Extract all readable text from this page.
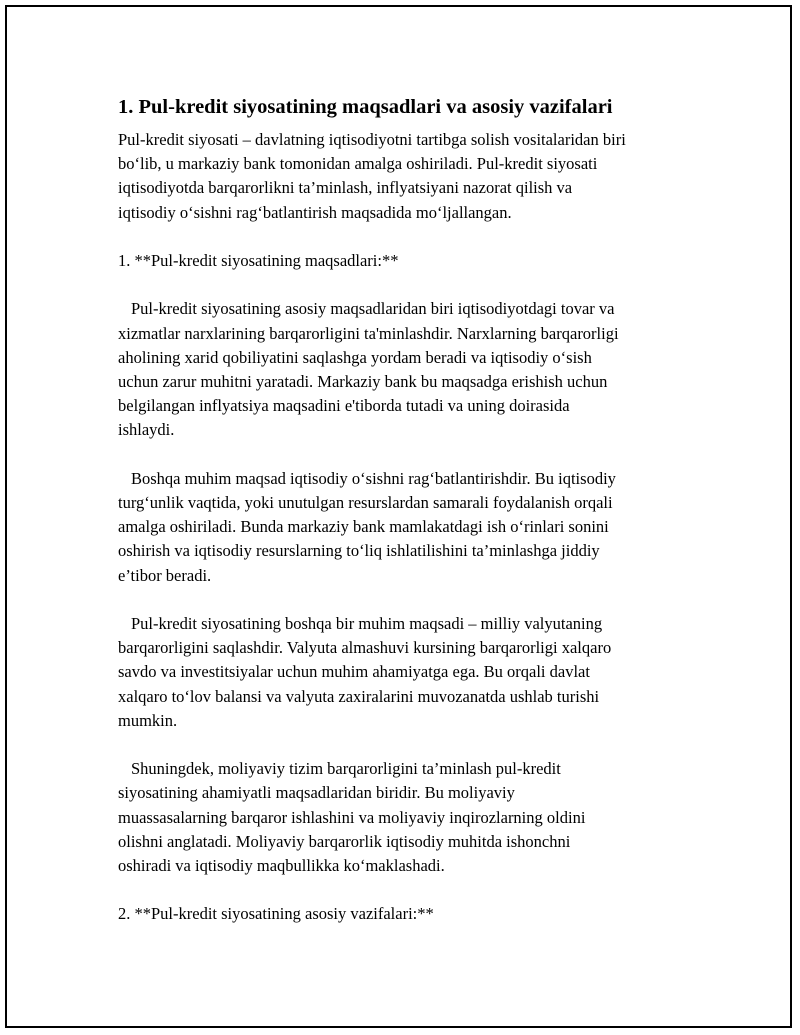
1. Pul-kredit siyosatining maqsadlari va asosiy vazifalari

Pul-kredit siyosati – davlatning iqtisodiyotni tartibga solish vositalaridan biri
bo‘lib, u markaziy bank tomonidan amalga oshiriladi. Pul-kredit siyosati
iqtisodiyotda barqarorlikni ta’minlash, inflyatsiyani nazorat qilish va
iqtisodiy o‘sishni rag‘batlantirish maqsadida mo‘ljallangan.

1. **Pul-kredit siyosatining maqsadlari:**

Pul-kredit siyosatining asosiy maqsadlaridan biri iqtisodiyotdagi tovar va
xizmatlar narxlarining barqarorligini ta'minlashdir. Narxlarning barqarorligi
aholining xarid qobiliyatini saqlashga yordam beradi va iqtisodiy o‘sish
uchun zarur muhitni yaratadi. Markaziy bank bu maqsadga erishish uchun
belgilangan inflyatsiya maqsadini e'tiborda tutadi va uning doirasida
ishlaydi.

Boshqa muhim maqsad iqtisodiy o‘sishni rag‘batlantirishdir. Bu iqtisodiy
turg‘unlik vaqtida, yoki unutulgan resurslardan samarali foydalanish orqali
amalga oshiriladi. Bunda markaziy bank mamlakatdagi ish o‘rinlari sonini
oshirish va iqtisodiy resurslarning to‘liq ishlatilishini ta’minlashga jiddiy
e’tibor beradi.

Pul-kredit siyosatining boshqa bir muhim maqsadi – milliy valyutaning
barqarorligini saqlashdir. Valyuta almashuvi kursining barqarorligi xalqaro
savdo va investitsiyalar uchun muhim ahamiyatga ega. Bu orqali davlat
xalqaro to‘lov balansi va valyuta zaxiralarini muvozanatda ushlab turishi
mumkin.

Shuningdek, moliyaviy tizim barqarorligini ta’minlash pul-kredit
siyosatining ahamiyatli maqsadlaridan biridir. Bu moliyaviy
muassasalarning barqaror ishlashini va moliyaviy inqirozlarning oldini
olishni anglatadi. Moliyaviy barqarorlik iqtisodiy muhitda ishonchni
oshiradi va iqtisodiy maqbullikka ko‘maklashadi.

2. **Pul-kredit siyosatining asosiy vazifalari:**
